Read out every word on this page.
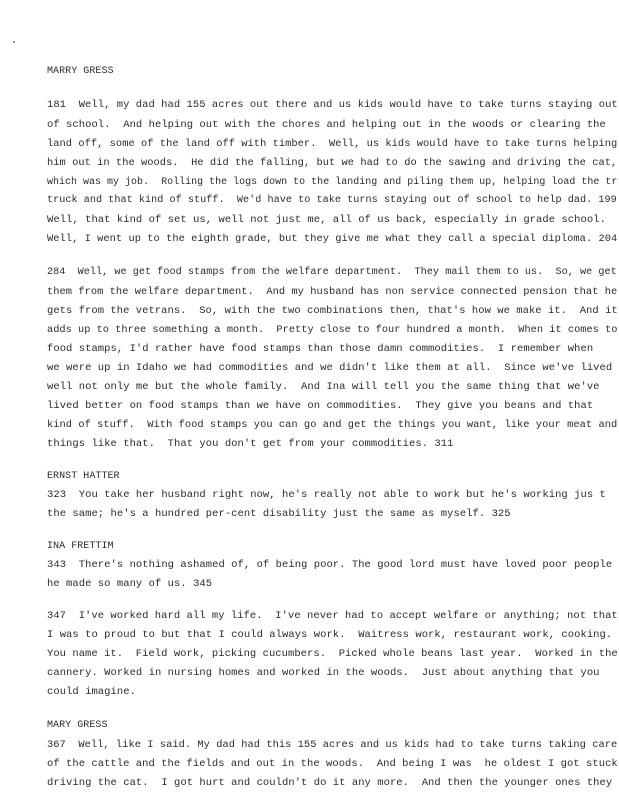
MARRY GRESS
181  Well, my dad had 155 acres out there and us kids would have to take turns staying out
of school.  And helping out with the chores and helping out in the woods or clearing the
land off, some of the land off with timber.  Well, us kids would have to take turns helping
him out in the woods.  He did the falling, but we had to do the sawing and driving the cat,
which was my job.  Rolling the logs down to the landing and piling them up, helping load the tr
truck and that kind of stuff.  We'd have to take turns staying out of school to help dad. 199
Well, that kind of set us, well not just me, all of us back, especially in grade school.
Well, I went up to the eighth grade, but they give me what they call a special diploma. 204
284  Well, we get food stamps from the welfare department.  They mail them to us.  So, we get
them from the welfare department.  And my husband has non service connected pension that he
gets from the vetrans.  So, with the two combinations then, that's how we make it.  And it
adds up to three something a month.  Pretty close to four hundred a month.  When it comes to
food stamps, I'd rather have food stamps than those damn commodities.  I remember when
we were up in Idaho we had commodities and we didn't like them at all.  Since we've lived
well not only me but the whole family.  And Ina will tell you the same thing that we've
lived better on food stamps than we have on commodities.  They give you beans and that
kind of stuff.  With food stamps you can go and get the things you want, like your meat and
things like that.  That you don't get from your commodities. 311
ERNST HATTER
323  You take her husband right now, he's really not able to work but he's working jus t
the same; he's a hundred per-cent disability just the same as myself. 325
INA FRETTIM
343  There's nothing ashamed of, of being poor. The good lord must have loved poor people
he made so many of us. 345
347  I've worked hard all my life.  I've never had to accept welfare or anything; not that
I was to proud to but that I could always work.  Waitress work, restaurant work, cooking.
You name it.  Field work, picking cucumbers.  Picked whole beans last year.  Worked in the
cannery. Worked in nursing homes and worked in the woods.  Just about anything that you
could imagine.
MARY GRESS
367  Well, like I said. My dad had this 155 acres and us kids had to take turns taking care
of the cattle and the fields and out in the woods.  And being I was  he oldest I got stuck
driving the cat.  I got hurt and couldn't do it any more.  And then the younger ones they
